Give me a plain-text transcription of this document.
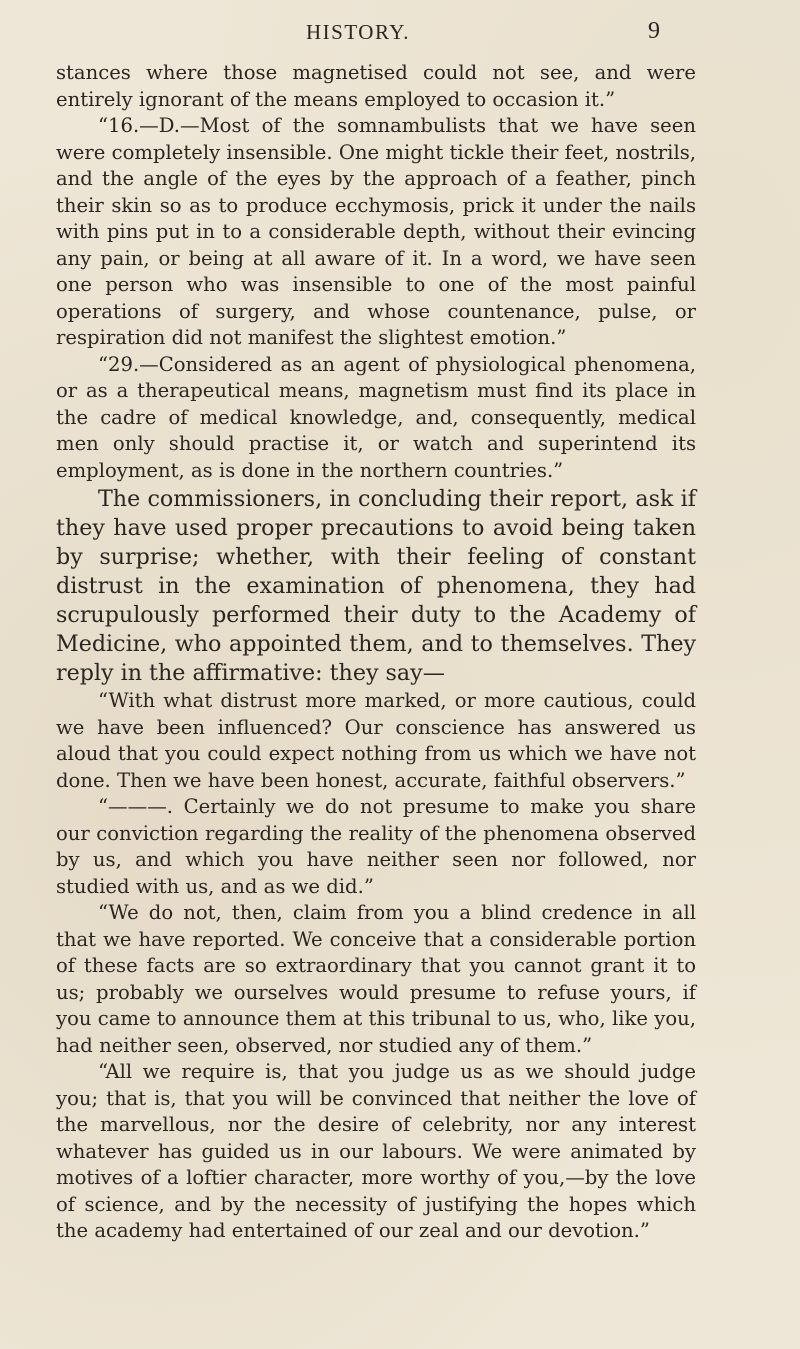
HISTORY.	9

stances where those magnetised could not see, and were entirely ignorant of the means employed to occasion it.”

“16.—D.—Most of the somnambulists that we have seen were completely insensible. One might tickle their feet, nostrils, and the angle of the eyes by the approach of a feather, pinch their skin so as to produce ecchymosis, prick it under the nails with pins put in to a considerable depth, without their evincing any pain, or being at all aware of it. In a word, we have seen one person who was insensible to one of the most painful operations of surgery, and whose countenance, pulse, or respiration did not manifest the slightest emotion.”

“29.—Considered as an agent of physiological phenomena, or as a therapeutical means, magnetism must find its place in the cadre of medical knowledge, and, consequently, medical men only should practise it, or watch and superintend its employment, as is done in the northern countries.”

The commissioners, in concluding their report, ask if they have used proper precautions to avoid being taken by surprise; whether, with their feeling of constant distrust in the examination of phenomena, they had scrupulously performed their duty to the Academy of Medicine, who appointed them, and to themselves. They reply in the affirmative: they say—

“With what distrust more marked, or more cautious, could we have been influenced? Our conscience has answered us aloud that you could expect nothing from us which we have not done. Then we have been honest, accurate, faithful observers.”

“———. Certainly we do not presume to make you share our conviction regarding the reality of the phenomena observed by us, and which you have neither seen nor followed, nor studied with us, and as we did.”

“We do not, then, claim from you a blind credence in all that we have reported. We conceive that a considerable portion of these facts are so extraordinary that you cannot grant it to us; probably we ourselves would presume to refuse yours, if you came to announce them at this tribunal to us, who, like you, had neither seen, observed, nor studied any of them.”

“All we require is, that you judge us as we should judge you; that is, that you will be convinced that neither the love of the marvellous, nor the desire of celebrity, nor any interest whatever has guided us in our labours. We were animated by motives of a loftier character, more worthy of you,—by the love of science, and by the necessity of justifying the hopes which the academy had entertained of our zeal and our devotion.”
